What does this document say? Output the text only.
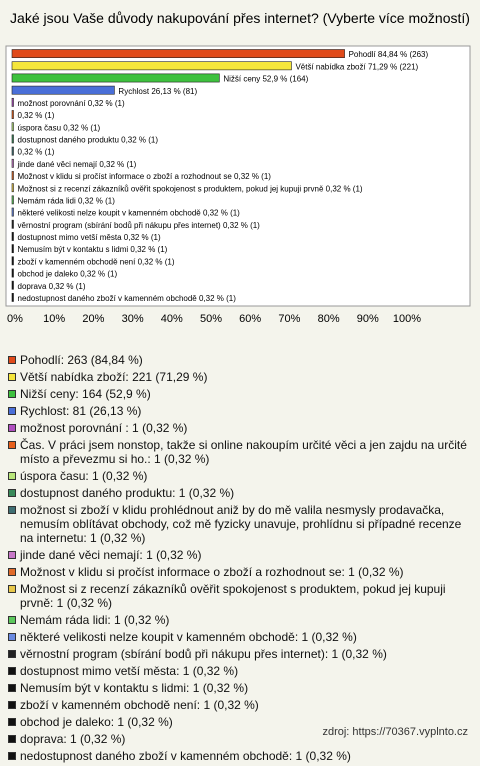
Jaké jsou Vaše důvody nakupování přes internet? (Vyberte více možností)
0% 10% 20% 30% 40% 50% 60% 70% 80% 90% 100%
Pohodlí 84,84 % (263)
Větší nabídka zboží 71,29 % (221)
Nižší ceny 52,9 % (164)
Rychlost 26,13 % (81)
možnost porovnání 0,32 % (1)
0,32 % (1)
úspora času 0,32 % (1)
dostupnost daného produktu 0,32 % (1)
0,32 % (1)
jinde dané věci nemají 0,32 % (1)
Možnost v klidu si pročíst informace o zboží a rozhodnout se 0,32 % (1)
Možnost si z recenzí zákazníků ověřit spokojenost s produktem, pokud jej kupuji prvně 0,32 % (1)
Nemám ráda lidi 0,32 % (1)
některé velikosti nelze koupit v kamenném obchodě 0,32 % (1)
věrnostní program (sbírání bodů při nákupu přes internet) 0,32 % (1)
dostupnost mimo vetší města 0,32 % (1)
Nemusím být v kontaktu s lidmi 0,32 % (1)
zboží v kamenném obchodě není 0,32 % (1)
obchod je daleko 0,32 % (1)
doprava 0,32 % (1)
nedostupnost daného zboží v kamenném obchodě 0,32 % (1)
Pohodlí: 263 (84,84 %)
Větší nabídka zboží: 221 (71,29 %)
Nižší ceny: 164 (52,9 %)
Rychlost: 81 (26,13 %)
možnost porovnání : 1 (0,32 %)
Čas. V práci jsem nonstop, takže si online nakoupím určité věci a jen zajdu na určité místo a převezmu si ho.: 1 (0,32 %)
úspora času: 1 (0,32 %)
dostupnost daného produktu: 1 (0,32 %)
možnost si zboží v klidu prohlédnout aniž by do mě valila nesmysly prodavačka, nemusím oblítávat obchody, což mě fyzicky unavuje, prohlídnu si případné recenze na internetu: 1 (0,32 %)
jinde dané věci nemají: 1 (0,32 %)
Možnost v klidu si pročíst informace o zboží a rozhodnout se: 1 (0,32 %)
Možnost si z recenzí zákazníků ověřit spokojenost s produktem, pokud jej kupuji prvně: 1 (0,32 %)
Nemám ráda lidi: 1 (0,32 %)
některé velikosti nelze koupit v kamenném obchodě: 1 (0,32 %)
věrnostní program (sbírání bodů při nákupu přes internet): 1 (0,32 %)
dostupnost mimo vetší města: 1 (0,32 %)
Nemusím být v kontaktu s lidmi: 1 (0,32 %)
zboží v kamenném obchodě není: 1 (0,32 %)
obchod je daleko: 1 (0,32 %)
doprava: 1 (0,32 %)
nedostupnost daného zboží v kamenném obchodě: 1 (0,32 %)
zdroj: https://70367.vyplnto.cz
